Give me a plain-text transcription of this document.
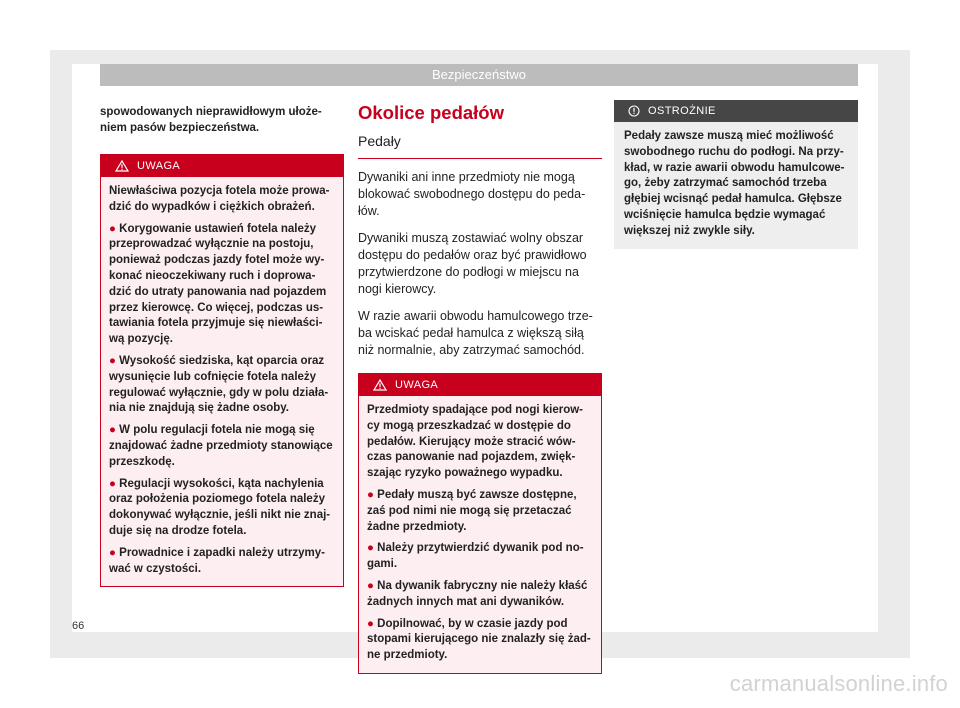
Bezpieczeństwo
spowodowanych nieprawidłowym ułoże-
niem pasów bezpieczeństwa.
UWAGA

Niewłaściwa pozycja fotela może prowa-
dzić do wypadków i ciężkich obrażeń.

● Korygowanie ustawień fotela należy
przeprowadzać wyłącznie na postoju,
ponieważ podczas jazdy fotel może wy-
konać nieoczekiwany ruch i doprowa-
dzić do utraty panowania nad pojazdem
przez kierowcę. Co więcej, podczas us-
tawiania fotela przyjmuje się niewłaści-
wą pozycję.

● Wysokość siedziska, kąt oparcia oraz
wysunięcie lub cofnięcie fotela należy
regulować wyłącznie, gdy w polu działa-
nia nie znajdują się żadne osoby.

● W polu regulacji fotela nie mogą się
znajdować żadne przedmioty stanowiące
przeszkodę.

● Regulacji wysokości, kąta nachylenia
oraz położenia poziomego fotela należy
dokonywać wyłącznie, jeśli nikt nie znaj-
duje się na drodze fotela.

● Prowadnice i zapadki należy utrzymy-
wać w czystości.

Okolice pedałów
Pedały
Dywaniki ani inne przedmioty nie mogą
blokować swobodnego dostępu do peda-
łów.
Dywaniki muszą zostawiać wolny obszar
dostępu do pedałów oraz być prawidłowo
przytwierdzone do podłogi w miejscu na
nogi kierowcy.
W razie awarii obwodu hamulcowego trze-
ba wciskać pedał hamulca z większą siłą
niż normalnie, aby zatrzymać samochód.
UWAGA

Przedmioty spadające pod nogi kierow-
cy mogą przeszkadzać w dostępie do
pedałów. Kierujący może stracić wów-
czas panowanie nad pojazdem, zwięk-
szając ryzyko poważnego wypadku.

● Pedały muszą być zawsze dostępne,
zaś pod nimi nie mogą się przetaczać
żadne przedmioty.

● Należy przytwierdzić dywanik pod no-
gami.

● Na dywanik fabryczny nie należy kłaść
żadnych innych mat ani dywaników.

● Dopilnować, by w czasie jazdy pod
stopami kierującego nie znalazły się żad-
ne przedmioty.

OSTROŻNIE
Pedały zawsze muszą mieć możliwość
swobodnego ruchu do podłogi. Na przy-
kład, w razie awarii obwodu hamulcowe-
go, żeby zatrzymać samochód trzeba
głębiej wcisnąć pedał hamulca. Głębsze
wciśnięcie hamulca będzie wymagać
większej niż zwykle siły.
66
carmanualsonline.info
